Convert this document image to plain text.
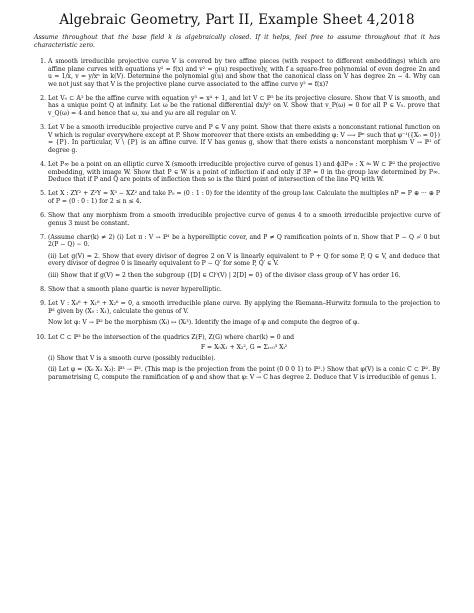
Algebraic Geometry, Part II, Example Sheet 4,2018
Assume throughout that the base field k is algebraically closed. If it helps, feel free to assume throughout that it has characteristic zero.
1. A smooth irreducible projective curve V is covered by two affine pieces (with respect to different embeddings) which are affine plane curves with equations y² = f(x) and v² = g(u) respectively, with f a square-free polynomial of even degree 2n and u = 1/x, v = y/xⁿ in k(V). Determine the polynomial g(u) and show that the canonical class on V has degree 2n − 4. Why can we not just say that V is the projective plane curve associated to the affine curve y² = f(x)?

2. Let V₀ ⊂ 𝔸² be the affine curve with equation y³ = x⁴ + 1, and let V ⊂ ℙ² be its projective closure. Show that V is smooth, and has a unique point Q at infinity. Let ω be the rational differential dx/y² on V. Show that v_P(ω) = 0 for all P ∈ V₀. prove that v_Q(ω) = 4 and hence that ω, xω and yω are all regular on V.

3. Let V be a smooth irreducible projective curve and P ∈ V any point. Show that there exists a nonconstant rational function on V which is regular everywhere except at P. Show moreover that there exists an embedding φ: V ⟶ ℙⁿ such that φ⁻¹({X₀ = 0}) = {P}. In particular, V \ {P} is an affine curve. If V has genus g, show that there exists a nonconstant morphism V → ℙ¹ of degree g.

4. Let P∞ be a point on an elliptic curve X (smooth irreducible projective curve of genus 1) and ϕ3P∞ : X ⥲ W ⊂ ℙ² the projective embedding, with image W. Show that P ∈ W is a point of inflection if and only if 3P = 0 in the group law determined by P∞. Deduce that if P and Q are points of inflection then so is the third point of intersection of the line PQ with W.

5. Let X : ZY² + Z²Y = X³ − XZ² and take P₀ = (0 : 1 : 0) for the identity of the group law. Calculate the multiples nP = P ⊕ ··· ⊕ P of P = (0 : 0 : 1) for 2 ≤ n ≤ 4.

6. Show that any morphism from a smooth irreducible projective curve of genus 4 to a smooth irreducible projective curve of genus 3 must be constant.

7. (Assume char(k) ≠ 2) (i) Let π : V → ℙ¹ be a hyperelliptic cover, and P ≠ Q ramification points of π. Show that P − Q ≁ 0 but 2(P − Q) ∼ 0.

(ii) Let g(V) = 2. Show that every divisor of degree 2 on V is linearly equivalent to P + Q for some P, Q ∈ V, and deduce that every divisor of degree 0 is linearly equivalent to P − Q′ for some P, Q′ ∈ V.

(iii) Show that if g(V) = 2 then the subgroup {[D] ∈ Cl⁰(V) | 2[D] = 0} of the divisor class group of V has order 16.

8. Show that a smooth plane quartic is never hyperelliptic.

9. Let V : X₀⁶ + X₁⁶ + X₂⁶ = 0, a smooth irreducible plane curve. By applying the Riemann–Hurwitz formula to the projection to ℙ¹ given by (X₀ : X₁), calculate the genus of V.

Now let φ: V → ℙ² be the morphism (Xᵢ) ↦ (Xᵢ³). Identify the image of φ and compute the degree of φ.

10. Let C ⊂ ℙ³ be the intersection of the quadrics Z(F), Z(G) where char(k) = 0 and

F = X₀X₁ + X₂², G = Σᵢ₌₀³ Xᵢ²

(i) Show that V is a smooth curve (possibly reducible).

(ii) Let φ = (X₀ X₁ X₂): ℙ³ ⇢ ℙ². (This map is the projection from the point (0 0 0 1) to ℙ².) Show that φ(V) is a conic C ⊂ ℙ². By parametrising C, compute the ramification of φ and show that φ: V → C has degree 2. Deduce that V is irreducible of genus 1.
